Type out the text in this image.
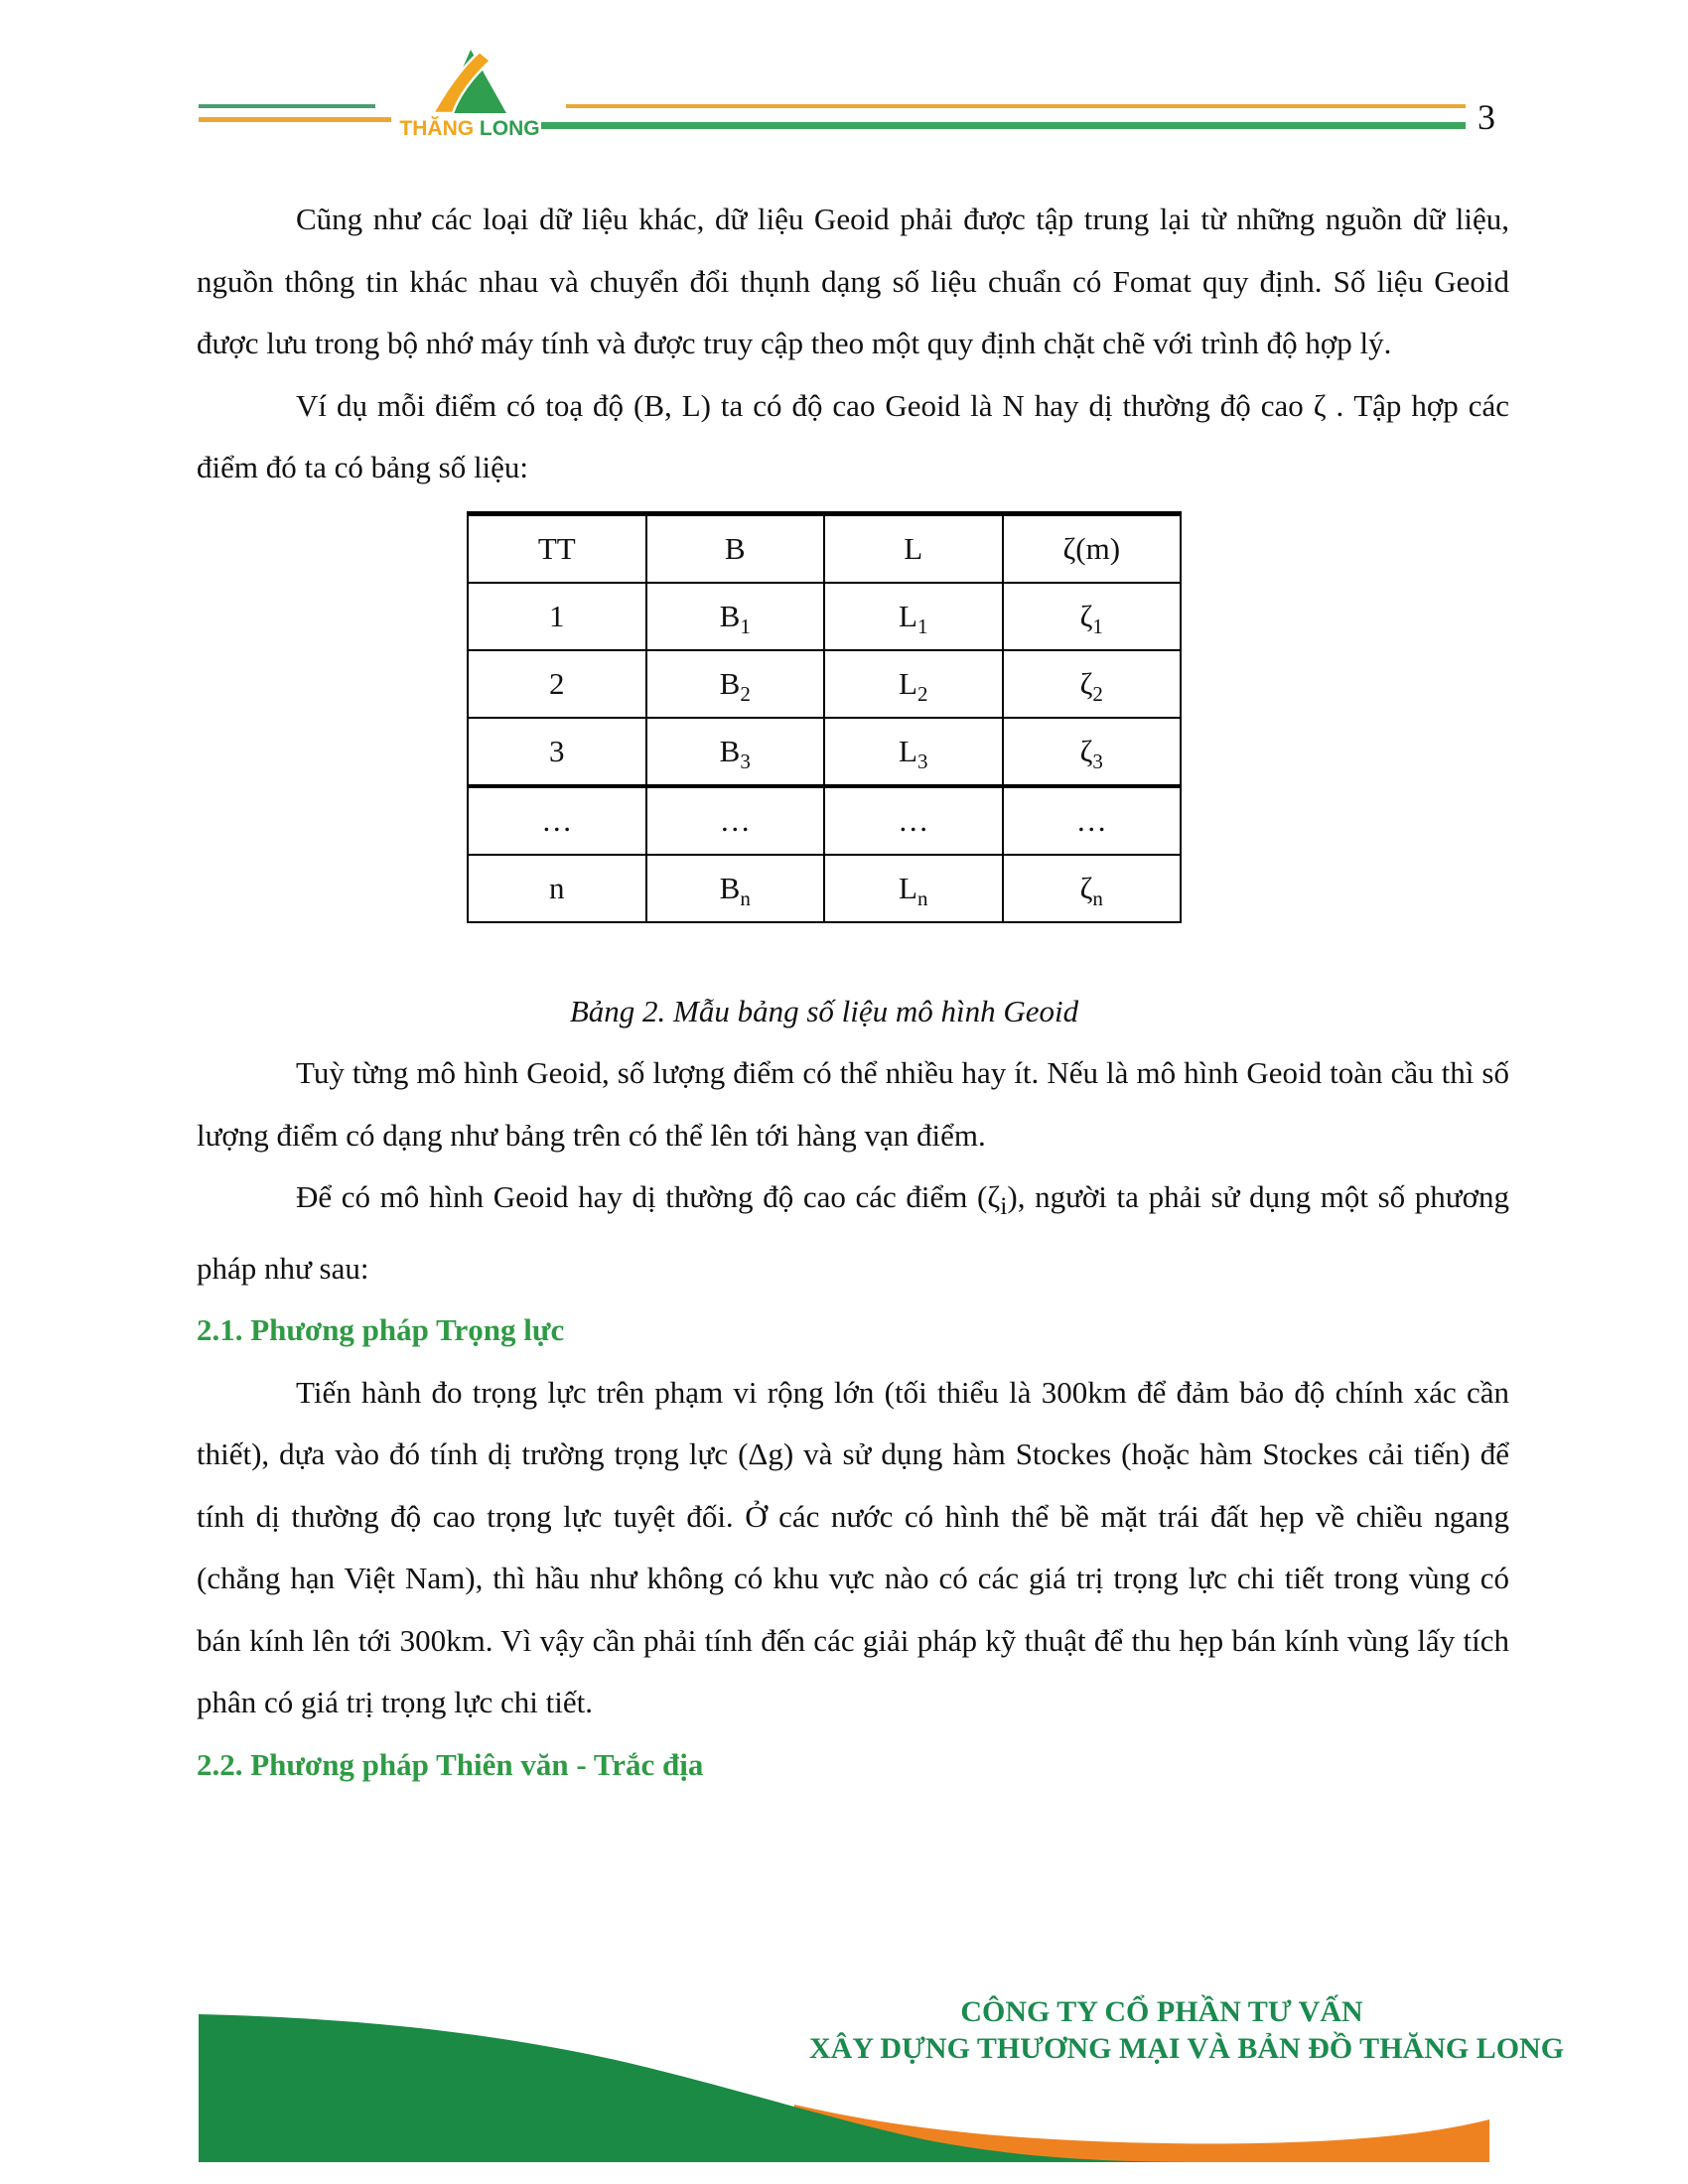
THĂNG LONG	3

Cũng như các loại dữ liệu khác, dữ liệu Geoid phải được tập trung lại từ những nguồn dữ liệu, nguồn thông tin khác nhau và chuyển đổi thụnh dạng số liệu chuẩn có Fomat quy định. Số liệu Geoid được lưu trong bộ nhớ máy tính và được truy cập theo một quy định chặt chẽ với trình độ hợp lý.

Ví dụ mỗi điểm có toạ độ (B, L) ta có độ cao Geoid là N hay dị thường độ cao ζ . Tập hợp các điểm đó ta có bảng số liệu:

TT	B	L	ζ(m)
1	$B_1$	$L_1$	$\zeta_1$
2	$B_2$	$L_2$	$\zeta_2$
3	$B_3$	$L_3$	$\zeta_3$
…	…	…	…
n	$B_n$	$L_n$	$\zeta_n$
Bảng 2. Mẫu bảng số liệu mô hình Geoid

Tuỳ từng mô hình Geoid, số lượng điểm có thể nhiều hay ít. Nếu là mô hình Geoid toàn cầu thì số lượng điểm có dạng như bảng trên có thể lên tới hàng vạn điểm.

Để có mô hình Geoid hay dị thường độ cao các điểm $(\zeta_i)$, người ta phải sử dụng một số phương pháp như sau:

2.1. Phương pháp Trọng lực

Tiến hành đo trọng lực trên phạm vi rộng lớn (tối thiểu là 300km để đảm bảo độ chính xác cần thiết), dựa vào đó tính dị trường trọng lực (Δg) và sử dụng hàm Stockes (hoặc hàm Stockes cải tiến) để tính dị thường độ cao trọng lực tuyệt đối. Ở các nước có hình thể bề mặt trái đất hẹp về chiều ngang (chẳng hạn Việt Nam), thì hầu như không có khu vực nào có các giá trị trọng lực chi tiết trong vùng có bán kính lên tới 300km. Vì vậy cần phải tính đến các giải pháp kỹ thuật để thu hẹp bán kính vùng lấy tích phân có giá trị trọng lực chi tiết.

2.2. Phương pháp Thiên văn - Trắc địa
CÔNG TY CỔ PHẦN TƯ VẤN
XÂY DỰNG THƯƠNG MẠI VÀ BẢN ĐỒ THĂNG LONG
